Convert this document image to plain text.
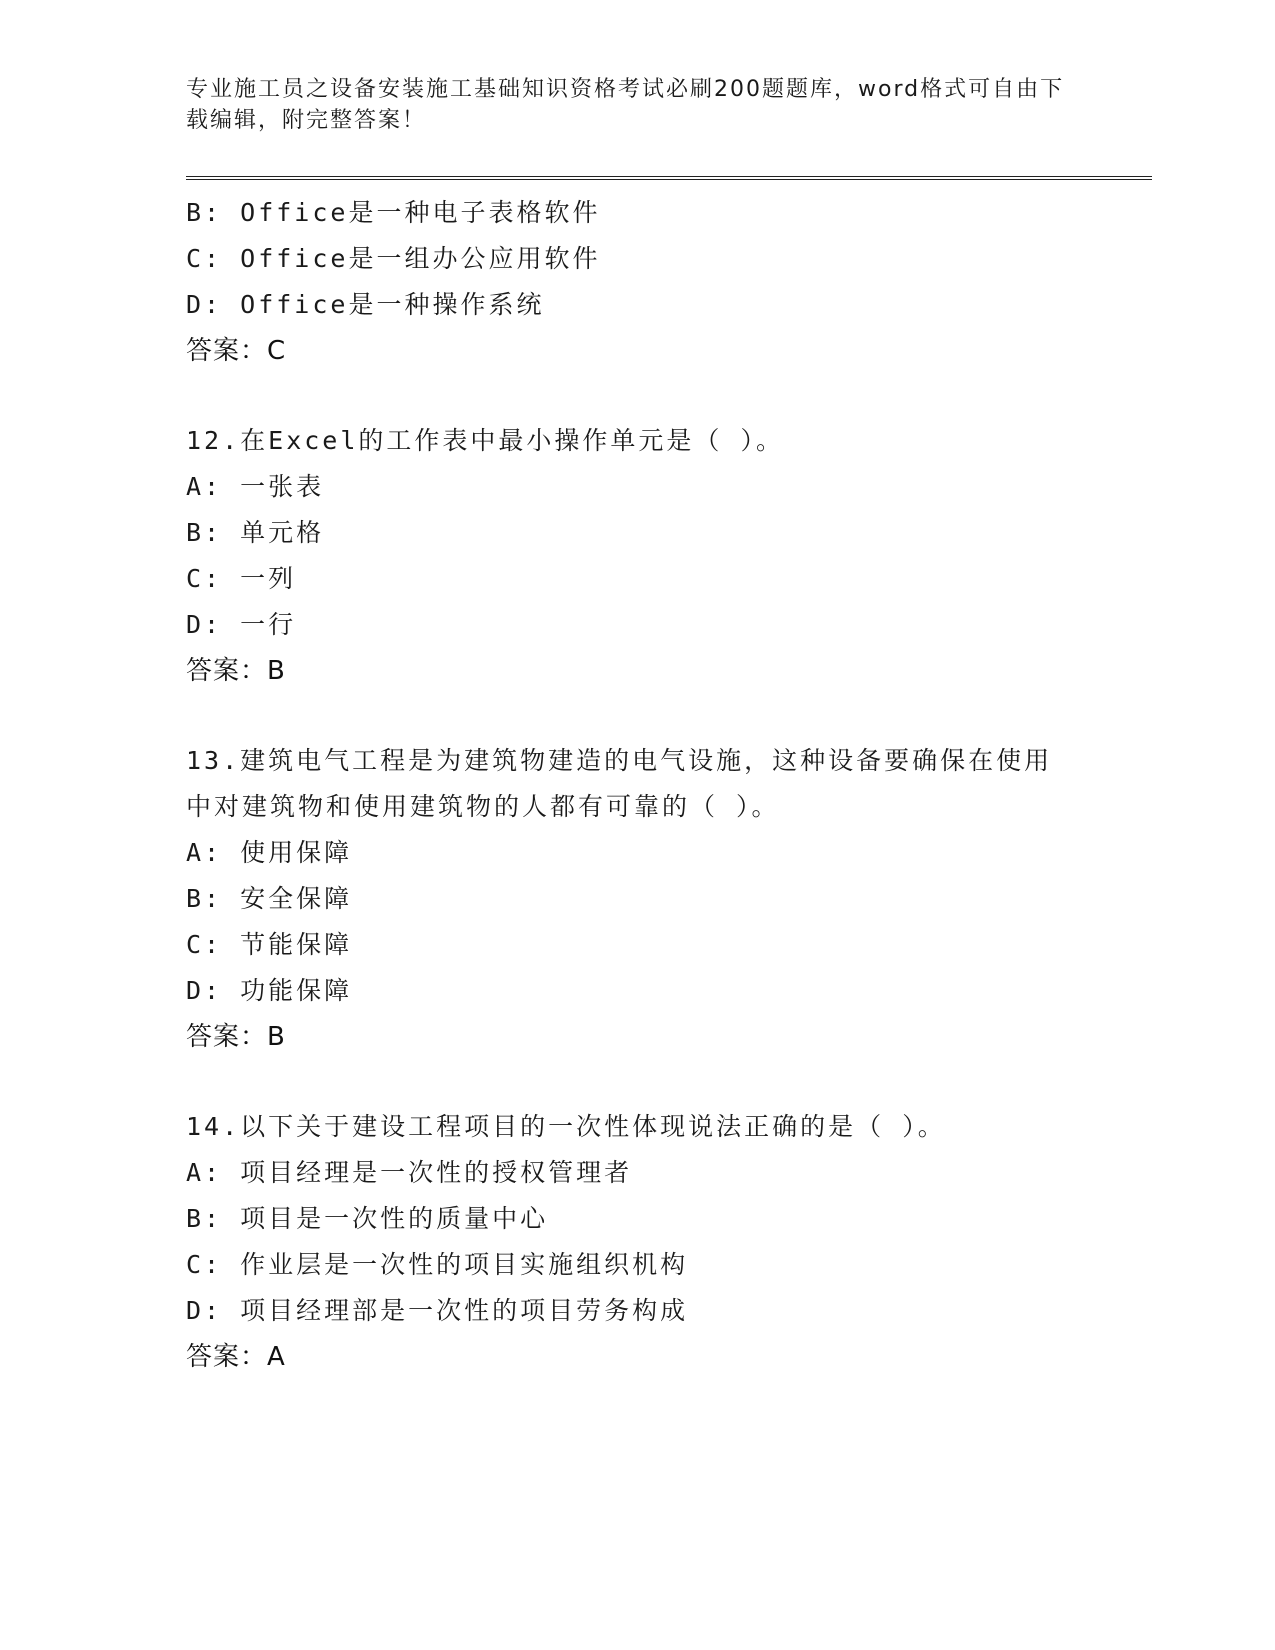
专业施工员之设备安装施工基础知识资格考试必刷200题题库，word格式可自由下载编辑，附完整答案！
B: Office是一种电子表格软件
C: Office是一组办公应用软件
D: Office是一种操作系统
答案：C
12.在Excel的工作表中最小操作单元是（ ）。
A: 一张表
B: 单元格
C: 一列
D: 一行
答案：B
13.建筑电气工程是为建筑物建造的电气设施，这种设备要确保在使用中对建筑物和使用建筑物的人都有可靠的（ ）。
A: 使用保障
B: 安全保障
C: 节能保障
D: 功能保障
答案：B
14.以下关于建设工程项目的一次性体现说法正确的是（ ）。
A: 项目经理是一次性的授权管理者
B: 项目是一次性的质量中心
C: 作业层是一次性的项目实施组织机构
D: 项目经理部是一次性的项目劳务构成
答案：A
